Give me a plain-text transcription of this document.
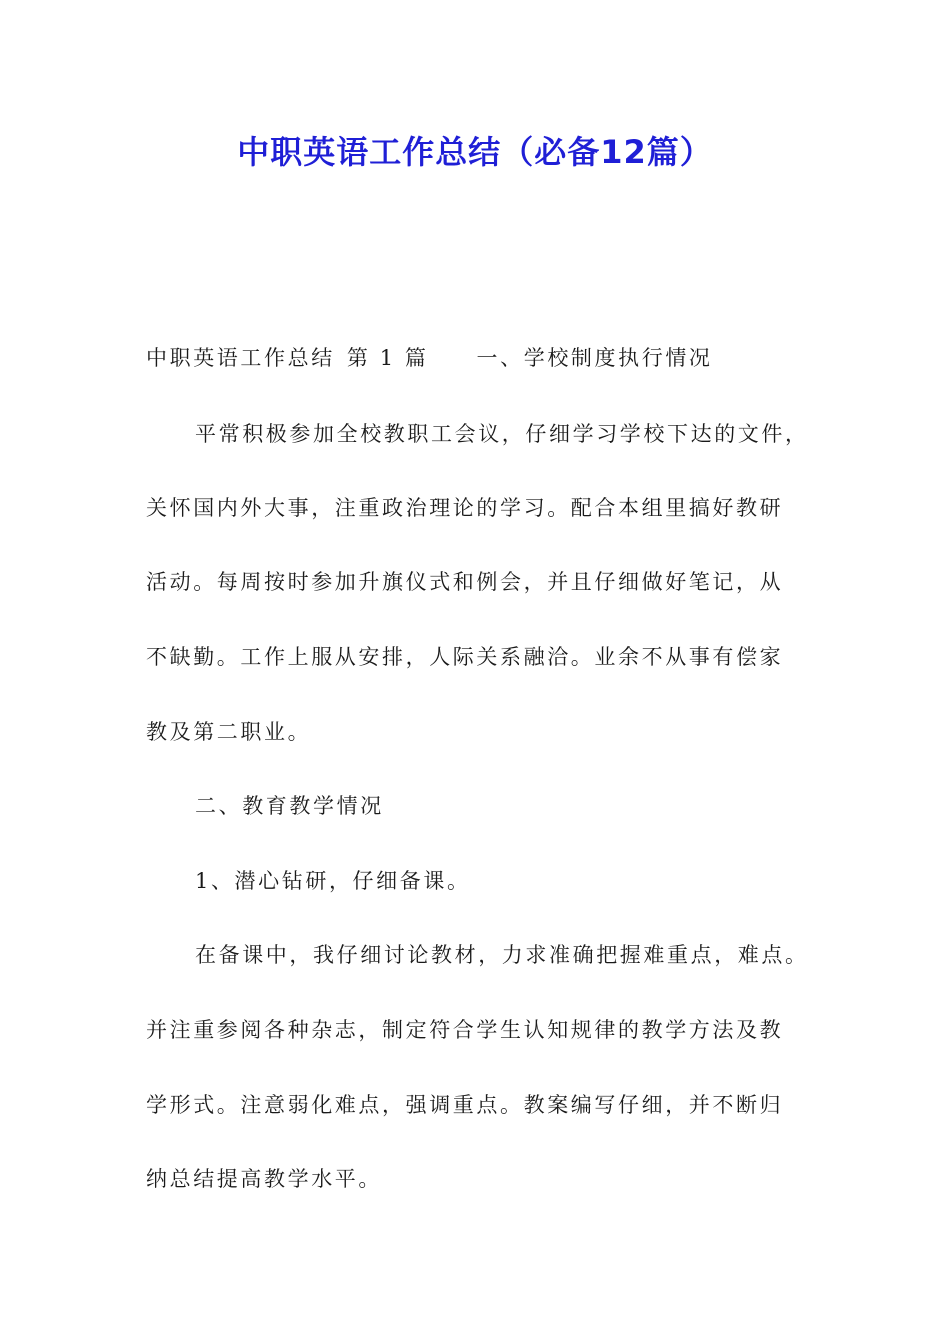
中职英语工作总结（必备12篇）
中职英语工作总结 第 1 篇 一、学校制度执行情况
平常积极参加全校教职工会议，仔细学习学校下达的文件，
关怀国内外大事，注重政治理论的学习。配合本组里搞好教研
活动。每周按时参加升旗仪式和例会，并且仔细做好笔记，从
不缺勤。工作上服从安排，人际关系融洽。业余不从事有偿家
教及第二职业。
二、教育教学情况
1、潜心钻研，仔细备课。
在备课中，我仔细讨论教材，力求准确把握难重点，难点。
并注重参阅各种杂志，制定符合学生认知规律的教学方法及教
学形式。注意弱化难点，强调重点。教案编写仔细，并不断归
纳总结提高教学水平。
